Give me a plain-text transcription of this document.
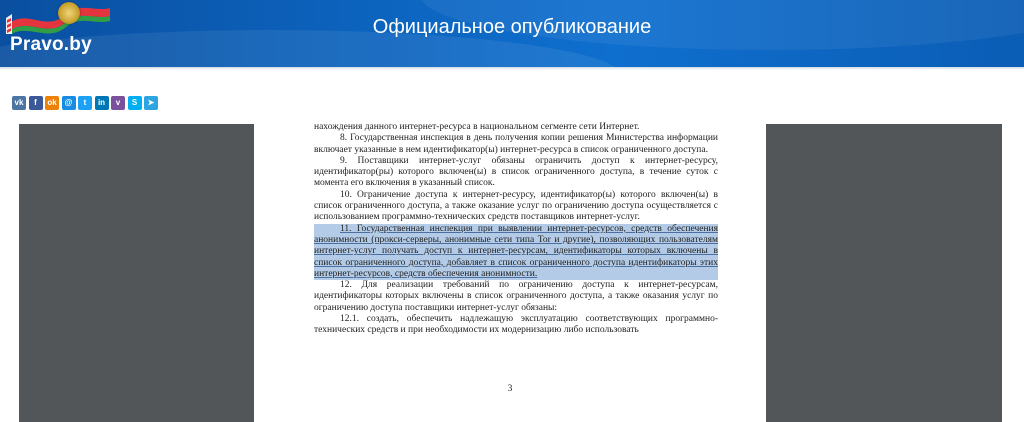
Pravo.by
Официальное опубликование
vk	f	ok @	t	in	v	S	➤

нахождения данного интернет-ресурса в национальном сегменте сети Интернет.

8. Государственная инспекция в день получения копии решения Министерства информации включает указанные в нем идентификатор(ы) интернет-ресурса в список ограниченного доступа.

9. Поставщики интернет-услуг обязаны ограничить доступ к интернет-ресурсу, идентификатор(ры) которого включен(ы) в список ограниченного доступа, в течение суток с момента его включения в указанный список.

10. Ограничение доступа к интернет-ресурсу, идентификатор(ы) которого включен(ы) в список ограниченного доступа, а также оказание услуг по ограничению доступа осуществляется с использованием программно-технических средств поставщиков интернет-услуг.

11. Государственная инспекция при выявлении интернет-ресурсов, средств обеспечения анонимности (прокси-серверы, анонимные сети типа Tor и другие), позволяющих пользователям интернет-услуг получать доступ к интернет-ресурсам, идентификаторы которых включены в список ограниченного доступа, добавляет в список ограниченного доступа идентификаторы этих интернет-ресурсов, средств обеспечения анонимности.

12. Для реализации требований по ограничению доступа к интернет-ресурсам, идентификаторы которых включены в список ограниченного доступа, а также оказания услуг по ограничению доступа поставщики интернет-услуг обязаны:

12.1. создать, обеспечить надлежащую эксплуатацию соответствующих программно-технических средств и при необходимости их модернизацию либо использовать

3
